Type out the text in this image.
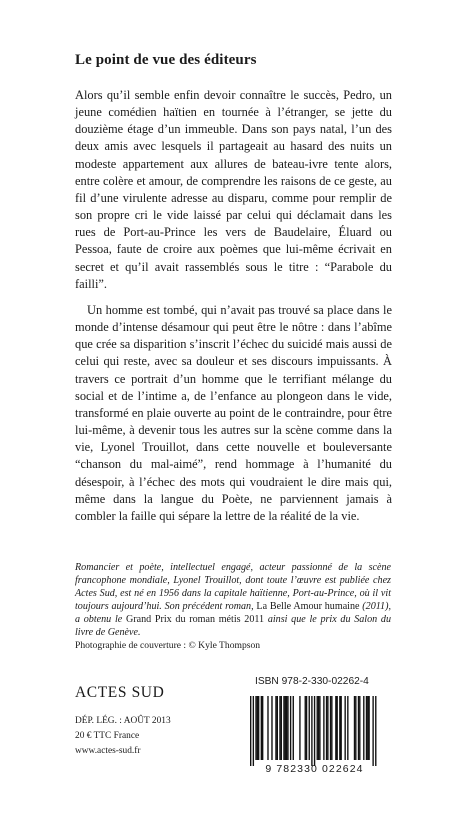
Le point de vue des éditeurs
Alors qu’il semble enfin devoir connaître le succès, Pedro, un jeune comédien haïtien en tournée à l’étranger, se jette du douzième étage d’un immeuble. Dans son pays natal, l’un des deux amis avec lesquels il partageait au hasard des nuits un modeste appartement aux allures de bateau-ivre tente alors, entre colère et amour, de comprendre les raisons de ce geste, au fil d’une virulente adresse au disparu, comme pour remplir de son propre cri le vide laissé par celui qui déclamait dans les rues de Port-au-Prince les vers de Baudelaire, Éluard ou Pessoa, faute de croire aux poèmes que lui-même écrivait en secret et qu’il avait rassemblés sous le titre : “Parabole du failli”.
Un homme est tombé, qui n’avait pas trouvé sa place dans le monde d’intense désamour qui peut être le nôtre : dans l’abîme que crée sa disparition s’inscrit l’échec du suicidé mais aussi de celui qui reste, avec sa douleur et ses discours impuissants. À travers ce portrait d’un homme que le terrifiant mélange du social et de l’intime a, de l’enfance au plongeon dans le vide, transformé en plaie ouverte au point de le contraindre, pour être lui-même, à devenir tous les autres sur la scène comme dans la vie, Lyonel Trouillot, dans cette nouvelle et bouleversante “chanson du mal-aimé”, rend hommage à l’humanité du désespoir, à l’échec des mots qui voudraient le dire mais qui, même dans la langue du Poète, ne parviennent jamais à combler la faille qui sépare la lettre de la réalité de la vie.
Romancier et poète, intellectuel engagé, acteur passionné de la scène francophone mondiale, Lyonel Trouillot, dont toute l’œuvre est publiée chez Actes Sud, est né en 1956 dans la capitale haïtienne, Port-au-Prince, où il vit toujours aujourd’hui. Son précédent roman, La Belle Amour humaine (2011), a obtenu le Grand Prix du roman métis 2011 ainsi que le prix du Salon du livre de Genève.
Photographie de couverture : © Kyle Thompson
ACTES SUD
DÉP. LÉG. : AOÛT 2013
20 € TTC France
www.actes-sud.fr
ISBN 978-2-330-02262-4
9 782330 022624
